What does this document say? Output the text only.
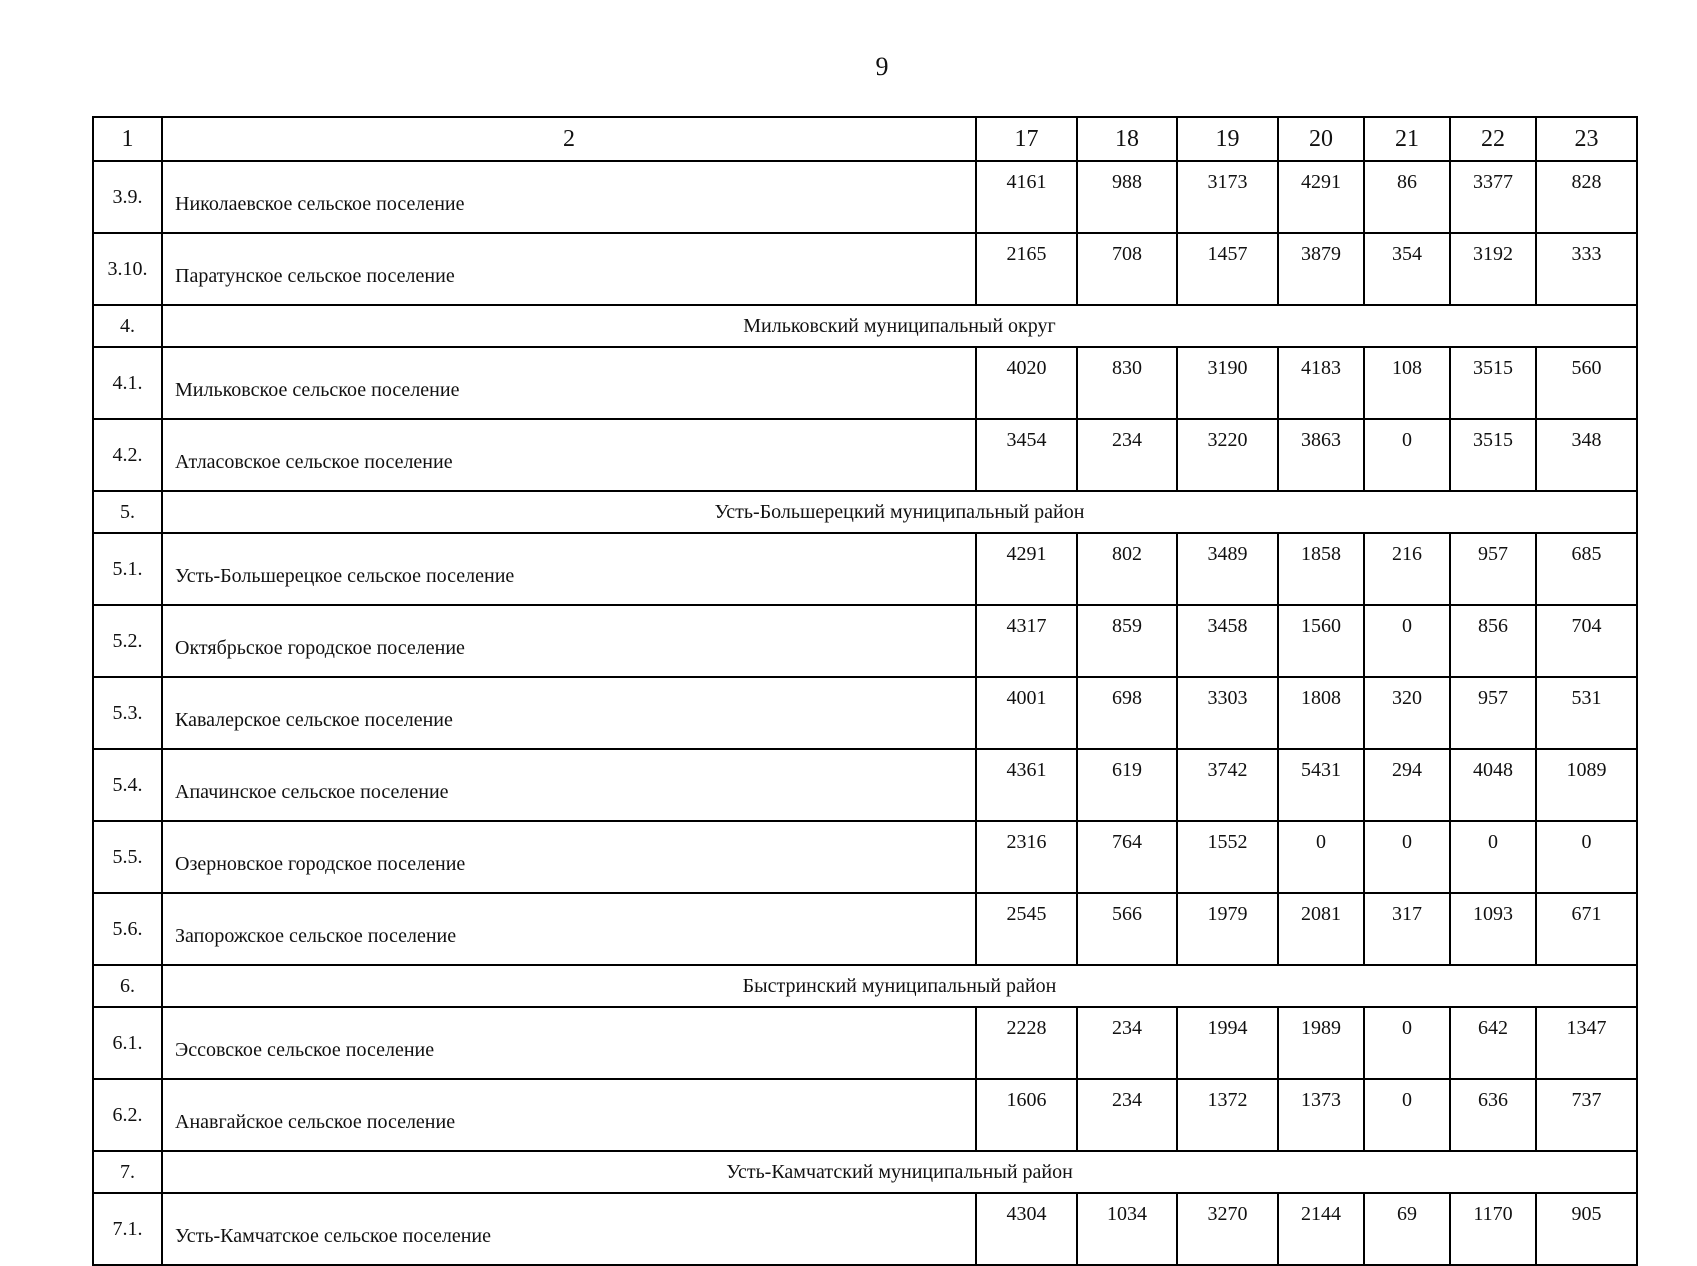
9
1	2	17	18	19	20	21	22	23
3.9.	Николаевское сельское поселение	4161	988	3173	4291	86	3377	828
3.10.	Паратунское сельское поселение	2165	708	1457	3879	354	3192	333
4.	Мильковский муниципальный округ							
4.1.	Мильковское сельское поселение	4020	830	3190	4183	108	3515	560
4.2.	Атласовское сельское поселение	3454	234	3220	3863	0	3515	348
5.	Усть-Большерецкий муниципальный район							
5.1.	Усть-Большерецкое сельское поселение	4291	802	3489	1858	216	957	685
5.2.	Октябрьское городское поселение	4317	859	3458	1560	0	856	704
5.3.	Кавалерское сельское поселение	4001	698	3303	1808	320	957	531
5.4.	Апачинское сельское поселение	4361	619	3742	5431	294	4048	1089
5.5.	Озерновское городское поселение	2316	764	1552	0	0	0	0
5.6.	Запорожское сельское поселение	2545	566	1979	2081	317	1093	671
6.	Быстринский муниципальный район							
6.1.	Эссовское сельское поселение	2228	234	1994	1989	0	642	1347
6.2.	Анавгайское сельское поселение	1606	234	1372	1373	0	636	737
7.	Усть-Камчатский муниципальный район							
7.1.	Усть-Камчатское сельское поселение	4304	1034	3270	2144	69	1170	905
